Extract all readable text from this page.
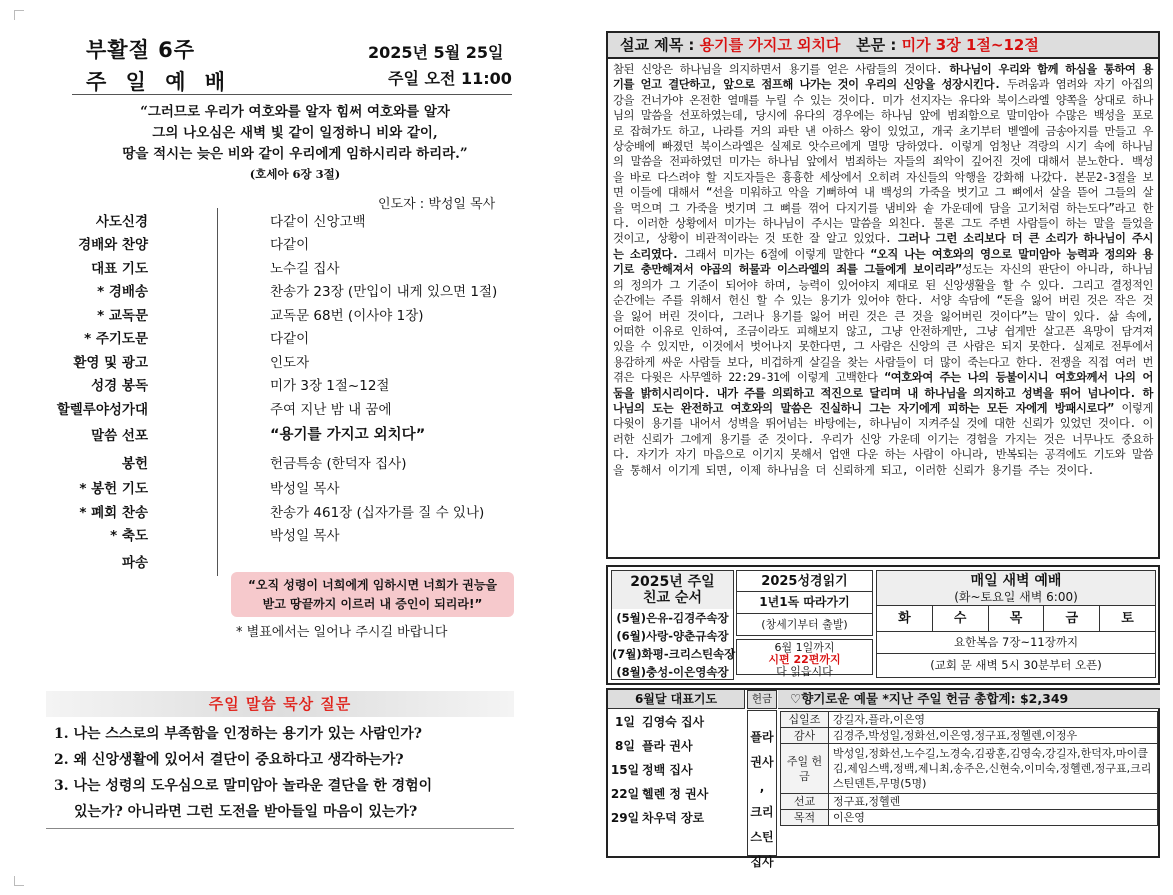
부활절 6주
주 일 예 배
2025년 5월 25일
주일 오전 11:00
“그러므로 우리가 여호와를 알자 힘써 여호와를 알자
그의 나오심은 새벽 빛 같이 일정하니 비와 같이,
땅을 적시는 늦은 비와 같이 우리에게 임하시리라 하리라.”
(호세아 6장 3절)
인도자 : 박성일 목사
사도신경	다같이 신앙고백
경배와 찬양	다같이
대표 기도	노수길 집사
* 경배송	찬송가 23장 (만입이 내게 있으면 1절)
* 교독문	교독문 68번 (이사야 1장)
* 주기도문	다같이
환영 및 광고	인도자
성경 봉독	미가 3장 1절~12절
할렐루야성가대	주여 지난 밤 내 꿈에
말씀 선포	“용기를 가지고 외치다”
봉헌	헌금특송 (한덕자 집사)
* 봉헌 기도	박성일 목사
* 폐회 찬송	찬송가 461장 (십자가를 질 수 있나)
* 축도	박성일 목사
파송
“오직 성령이 너희에게 임하시면 너희가 권능을
받고 땅끝까지 이르러 내 증인이 되리라!”
* 별표에서는 일어나 주시길 바랍니다
주일 말씀 묵상 질문
1. 나는 스스로의 부족함을 인정하는 용기가 있는 사람인가?
2. 왜 신앙생활에 있어서 결단이 중요하다고 생각하는가?
3. 나는 성령의 도우심으로 말미암아 놀라운 결단을 한 경험이
있는가? 아니라면 그런 도전을 받아들일 마음이 있는가?
설교 제목 : 용기를 가지고 외치다 본문 : 미가 3장 1절~12절
참된 신앙은 하나님을 의지하면서 용기를 얻은 사람들의 것이다. 하나님이 우리와 함께 하심을 통하여 용기를 얻고 결단하고, 앞으로 점프해 나가는 것이 우리의 신앙을 성장시킨다. 두려움과 염려와 자기 아집의 강을 건너가야 온전한 열매를 누릴 수 있는 것이다. 미가 선지자는 유다와 북이스라엘 양쪽을 상대로 하나님의 말씀을 선포하였는데, 당시에 유다의 경우에는 하나님 앞에 범죄함으로 말미암아 수많은 백성을 포로로 잡혀가도 하고, 나라를 거의 파탄 낸 아하스 왕이 있었고, 개국 초기부터 벧엘에 금송아지를 만들고 우상숭배에 빠졌던 북이스라엘은 실제로 앗수르에게 멸망 당하였다. 이렇게 엄청난 격랑의 시기 속에 하나님의 말씀을 전파하였던 미가는 하나님 앞에서 범죄하는 자들의 죄악이 깊어진 것에 대해서 분노한다. 백성을 바로 다스려야 할 지도자들은 흉흉한 세상에서 오히려 자신들의 악행을 강화해 나갔다. 본문2-3절을 보면 이들에 대해서 “선을 미워하고 악을 기뻐하여 내 백성의 가죽을 벗기고 그 뼈에서 살을 뜯어 그들의 살을 먹으며 그 가죽을 벗기며 그 뼈를 꺾어 다지기를 냄비와 솥 가운데에 담을 고기처럼 하는도다”라고 한다. 이러한 상황에서 미가는 하나님이 주시는 말씀을 외친다. 물론 그도 주변 사람들이 하는 말을 들었을 것이고, 상황이 비관적이라는 것 또한 잘 알고 있었다. 그러나 그런 소리보다 더 큰 소리가 하나님이 주시는 소리였다. 그래서 미가는 6절에 이렇게 말한다 “오직 나는 여호와의 영으로 말미암아 능력과 정의와 용기로 충만해져서 야곱의 허물과 이스라엘의 죄를 그들에게 보이리라”성도는 자신의 판단이 아니라, 하나님의 정의가 그 기준이 되어야 하며, 능력이 있어야지 제대로 된 신앙생활을 할 수 있다. 그리고 결정적인 순간에는 주를 위해서 헌신 할 수 있는 용기가 있어야 한다. 서양 속담에 “돈을 잃어 버린 것은 작은 것을 잃어 버린 것이다, 그러나 용기를 잃어 버린 것은 큰 것을 잃어버린 것이다”는 말이 있다. 삶 속에, 어떠한 이유로 인하여, 조금이라도 피해보지 않고, 그냥 안전하게만, 그냥 쉽게만 살고픈 욕망이 담겨져 있을 수 있지만, 이것에서 벗어나지 못한다면, 그 사람은 신앙의 큰 사람은 되지 못한다. 실제로 전투에서 용감하게 싸운 사람들 보다, 비겁하게 살길을 찾는 사람들이 더 많이 죽는다고 한다. 전쟁을 직접 여러 번 겪은 다윗은 사무엘하 22:29-31에 이렇게 고백한다 “여호와여 주는 나의 등불이시니 여호와께서 나의 어둠을 밝히시리이다. 내가 주를 의뢰하고 적진으로 달리며 내 하나님을 의지하고 성벽을 뛰어 넘나이다. 하나님의 도는 완전하고 여호와의 말씀은 진실하니 그는 자기에게 피하는 모든 자에게 방패시로다” 이렇게 다윗이 용기를 내어서 성벽을 뛰어넘는 바탕에는, 하나님이 지켜주실 것에 대한 신뢰가 있었던 것이다. 이러한 신뢰가 그에게 용기를 준 것이다. 우리가 신앙 가운데 이기는 경험을 가지는 것은 너무나도 중요하다. 자기가 자기 마음으로 이기지 못해서 업앤 다운 하는 사람이 아니라, 반복되는 공격에도 기도와 말씀을 통해서 이기게 되면, 이제 하나님을 더 신뢰하게 되고, 이러한 신뢰가 용기를 주는 것이다.
2025년 주일
친교 순서
(5월)은유-김경주속장
(6월)사랑-양춘규속장
(7월)화평-크리스틴속장
(8월)충성-이은영속장
2025성경읽기
1년1독 따라가기
(창세기부터 출발)
6월 1일까지
시편 22편까지
다 읽읍시다
매일 새벽 예배
(화~토요일 새벽 6:00)
화	수	목	금	토
요한복음 7장~11장까지
(교회 문 새벽 5시 30분부터 오픈)
6월달 대표기도
1일 김영숙 집사
8일 플라 권사
15일 정백 집사
22일 헬렌 정 권사
29일 차우덕 장로
헌금
플라
권사
,
크리
스틴
집사
♡향기로운 예물 *지난 주일 헌금 총합계: $2,349
십일조	강길자,플라,이은영
감사	김경주,박성일,정화선,이은영,정구표,정헬렌,이정우
주일 헌금	박성일,정화선,노수길,노경숙,김광훈,김영숙,강길자,한덕자,마이클김,제임스백,정백,제니최,송주은,신현숙,이미숙,정헬렌,정구표,크리스틴덴튼,무명(5명)
선교	정구표,정헬렌
목적	이은영
